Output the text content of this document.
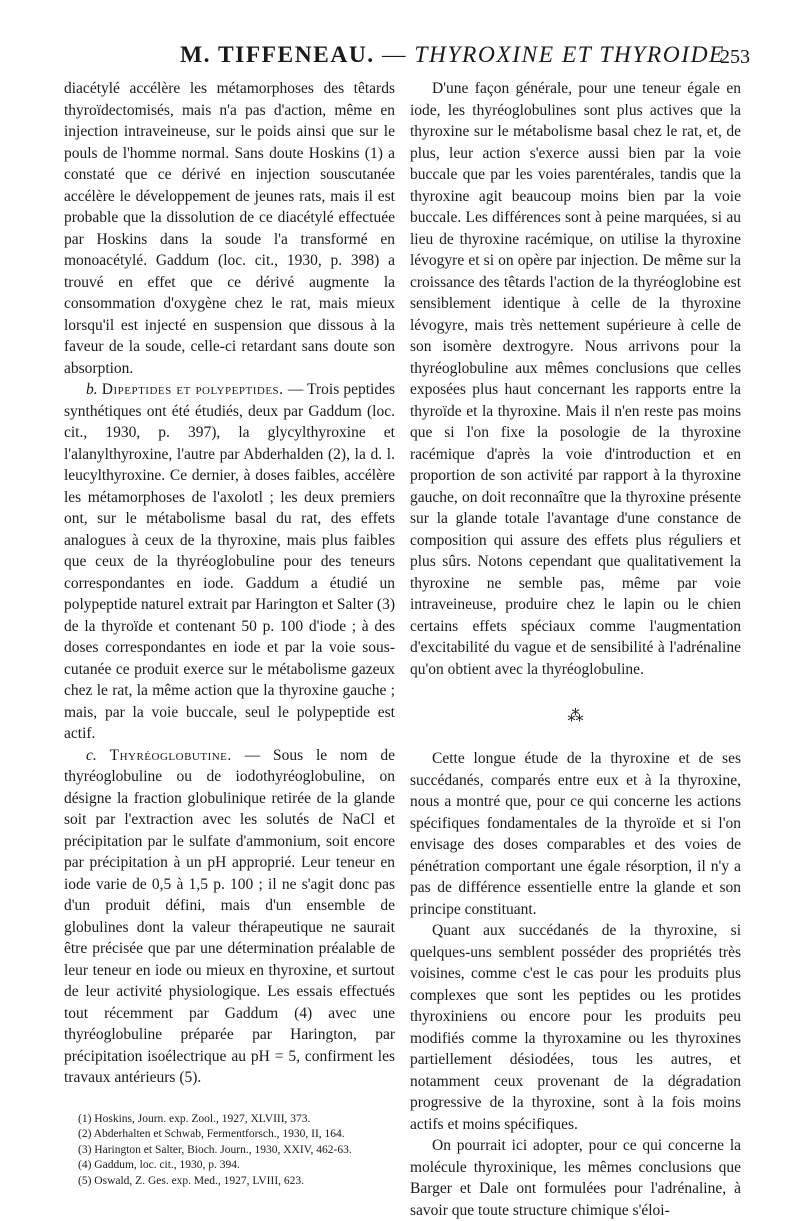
M. TIFFENEAU. — THYROXINE ET THYROIDE
253

diacétylé accélère les métamorphoses des têtards thyroïdectomisés, mais n'a pas d'action, même en injection intraveineuse, sur le poids ainsi que sur le pouls de l'homme normal. Sans doute Hoskins (1) a constaté que ce dérivé en injection souscutanée accélère le développement de jeunes rats, mais il est probable que la dissolution de ce diacétylé effectuée par Hoskins dans la soude l'a transformé en monoacétylé. Gaddum (loc. cit., 1930, p. 398) a trouvé en effet que ce dérivé augmente la consommation d'oxygène chez le rat, mais mieux lorsqu'il est injecté en suspension que dissous à la faveur de la soude, celle-ci retardant sans doute son absorption.

b. Dipeptides et polypeptides. — Trois peptides synthétiques ont été étudiés, deux par Gaddum (loc. cit., 1930, p. 397), la glycylthyroxine et l'alanylthyroxine, l'autre par Abderhalden (2), la d. l. leucylthyroxine. Ce dernier, à doses faibles, accélère les métamorphoses de l'axolotl ; les deux premiers ont, sur le métabolisme basal du rat, des effets analogues à ceux de la thyroxine, mais plus faibles que ceux de la thyréoglobuline pour des teneurs correspondantes en iode. Gaddum a étudié un polypeptide naturel extrait par Harington et Salter (3) de la thyroïde et contenant 50 p. 100 d'iode ; à des doses correspondantes en iode et par la voie sous-cutanée ce produit exerce sur le métabolisme gazeux chez le rat, la même action que la thyroxine gauche ; mais, par la voie buccale, seul le polypeptide est actif.

c. Thyréoglobutine. — Sous le nom de thyréoglobuline ou de iodothyréoglobuline, on désigne la fraction globulinique retirée de la glande soit par l'extraction avec les solutés de NaCl et précipitation par le sulfate d'ammonium, soit encore par précipitation à un pH approprié. Leur teneur en iode varie de 0,5 à 1,5 p. 100 ; il ne s'agit donc pas d'un produit défini, mais d'un ensemble de globulines dont la valeur thérapeutique ne saurait être précisée que par une détermination préalable de leur teneur en iode ou mieux en thyroxine, et surtout de leur activité physiologique. Les essais effectués tout récemment par Gaddum (4) avec une thyréoglobuline préparée par Harington, par précipitation isoélectrique au pH = 5, confirment les travaux antérieurs (5).

(1) Hoskins, Journ. exp. Zool., 1927, XLVIII, 373.

(2) Abderhalten et Schwab, Fermentforsch., 1930, II, 164.

(3) Harington et Salter, Bioch. Journ., 1930, XXIV, 462-63.

(4) Gaddum, loc. cit., 1930, p. 394.

(5) Oswald, Z. Ges. exp. Med., 1927, LVIII, 623.

D'une façon générale, pour une teneur égale en iode, les thyréoglobulines sont plus actives que la thyroxine sur le métabolisme basal chez le rat, et, de plus, leur action s'exerce aussi bien par la voie buccale que par les voies parentérales, tandis que la thyroxine agit beaucoup moins bien par la voie buccale. Les différences sont à peine marquées, si au lieu de thyroxine racémique, on utilise la thyroxine lévogyre et si on opère par injection. De même sur la croissance des têtards l'action de la thyréoglobine est sensiblement identique à celle de la thyroxine lévogyre, mais très nettement supérieure à celle de son isomère dextrogyre. Nous arrivons pour la thyréoglobuline aux mêmes conclusions que celles exposées plus haut concernant les rapports entre la thyroïde et la thyroxine. Mais il n'en reste pas moins que si l'on fixe la posologie de la thyroxine racémique d'après la voie d'introduction et en proportion de son activité par rapport à la thyroxine gauche, on doit reconnaître que la thyroxine présente sur la glande totale l'avantage d'une constance de composition qui assure des effets plus réguliers et plus sûrs. Notons cependant que qualitativement la thyroxine ne semble pas, même par voie intraveineuse, produire chez le lapin ou le chien certains effets spéciaux comme l'augmentation d'excitabilité du vague et de sensibilité à l'adrénaline qu'on obtient avec la thyréoglobuline.

⁂

Cette longue étude de la thyroxine et de ses succédanés, comparés entre eux et à la thyroxine, nous a montré que, pour ce qui concerne les actions spécifiques fondamentales de la thyroïde et si l'on envisage des doses comparables et des voies de pénétration comportant une égale résorption, il n'y a pas de différence essentielle entre la glande et son principe constituant.

Quant aux succédanés de la thyroxine, si quelques-uns semblent posséder des propriétés très voisines, comme c'est le cas pour les produits plus complexes que sont les peptides ou les protides thyroxiniens ou encore pour les produits peu modifiés comme la thyroxamine ou les thyroxines partiellement désiodées, tous les autres, et notamment ceux provenant de la dégradation progressive de la thyroxine, sont à la fois moins actifs et moins spécifiques.

On pourrait ici adopter, pour ce qui concerne la molécule thyroxinique, les mêmes conclusions que Barger et Dale ont formulées pour l'adrénaline, à savoir que toute structure chimique s'éloi-
